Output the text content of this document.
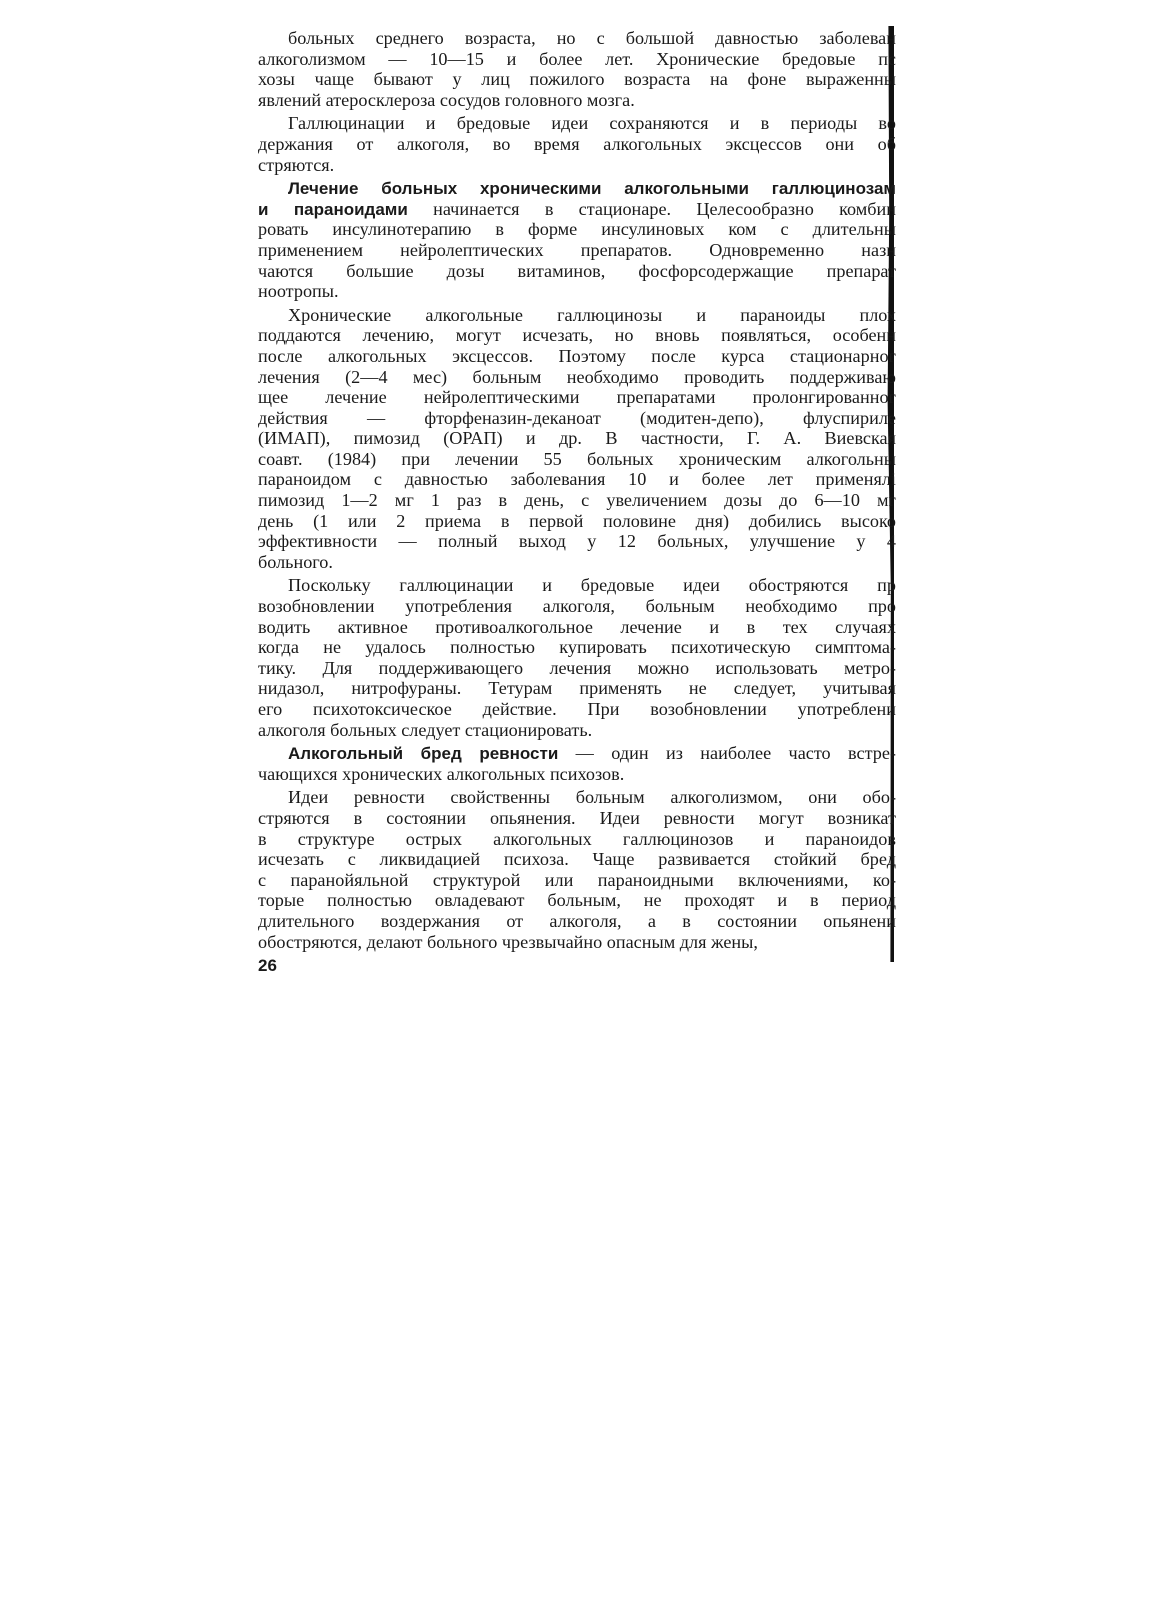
больных среднего возраста, но с большой давностью заболеван
алкоголизмом — 10—15 и более лет. Хронические бредовые пс
хозы чаще бывают у лиц пожилого возраста на фоне выраженны
явлений атеросклероза сосудов головного мозга.
Галлюцинации и бредовые идеи сохраняются и в периоды во
держания от алкоголя, во время алкогольных эксцессов они об
стряются.
Лечение больных хроническими алкогольными галлюцинозам
и параноидами начинается в стационаре. Целесообразно комбин
ровать инсулинотерапию в форме инсулиновых ком с длительны
применением нейролептических препаратов. Одновременно назн
чаются большие дозы витаминов, фосфорсодержащие препарат
ноотропы.
Хронические алкогольные галлюцинозы и параноиды плох
поддаются лечению, могут исчезать, но вновь появляться, особенн
после алкогольных эксцессов. Поэтому после курса стационарног
лечения (2—4 мес) больным необходимо проводить поддерживаю
щее лечение нейролептическими препаратами пролонгированног
действия — фторфеназин-деканоат (модитен-депо), флуспириле
(ИМАП), пимозид (ОРАП) и др. В частности, Г. А. Виевская
соавт. (1984) при лечении 55 больных хроническим алкогольны
параноидом с давностью заболевания 10 и более лет применялі
пимозид 1—2 мг 1 раз в день, с увеличением дозы до 6—10 мг
день (1 или 2 приема в первой половине дня) добились высоко
эффективности — полный выход у 12 больных, улучшение у 4
больного.
Поскольку галлюцинации и бредовые идеи обостряются пр
возобновлении употребления алкоголя, больным необходимо про
водить активное противоалкогольное лечение и в тех случаях
когда не удалось полностью купировать психотическую симптома-
тику. Для поддерживающего лечения можно использовать метро-
нидазол, нитрофураны. Тетурам применять не следует, учитывая
его психотоксическое действие. При возобновлении употреблени
алкоголя больных следует стационировать.
Алкогольный бред ревности — один из наиболее часто встре-
чающихся хронических алкогольных психозов.
Идеи ревности свойственны больным алкоголизмом, они обо-
стряются в состоянии опьянения. Идеи ревности могут возникат
в структуре острых алкогольных галлюцинозов и параноидов
исчезать с ликвидацией психоза. Чаще развивается стойкий бред
с паранойяльной структурой или параноидными включениями, ко-
торые полностью овладевают больным, не проходят и в период
длительного воздержания от алкоголя, а в состоянии опьянени
обостряются, делают больного чрезвычайно опасным для жены,
26
